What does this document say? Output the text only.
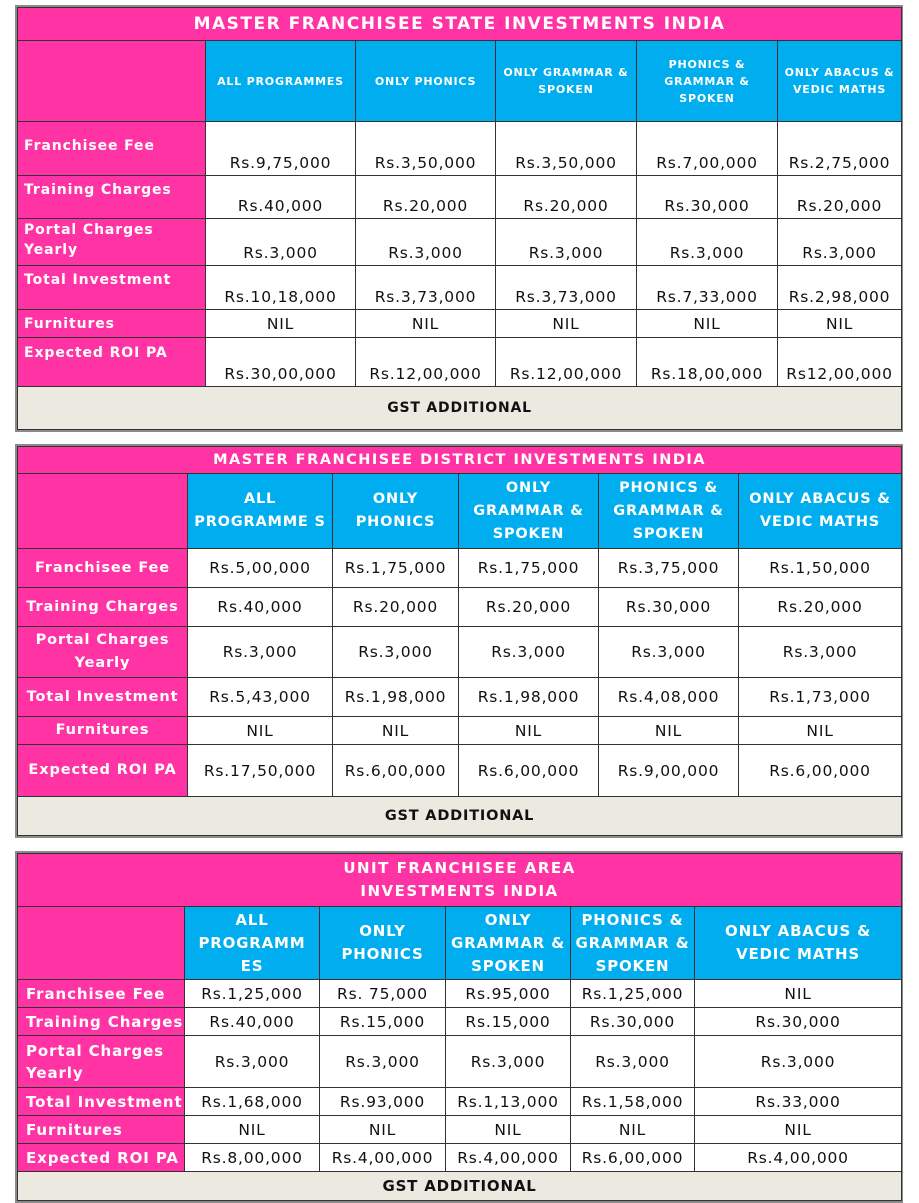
MASTER FRANCHISEE STATE INVESTMENTS INDIA					
	ALL PROGRAMMES	ONLY PHONICS	ONLY GRAMMAR & SPOKEN	PHONICS & GRAMMAR & SPOKEN	ONLY ABACUS & VEDIC MATHS
Franchisee Fee	Rs.9,75,000	Rs.3,50,000	Rs.3,50,000	Rs.7,00,000	Rs.2,75,000
Training Charges	Rs.40,000	Rs.20,000	Rs.20,000	Rs.30,000	Rs.20,000
Portal Charges Yearly	Rs.3,000	Rs.3,000	Rs.3,000	Rs.3,000	Rs.3,000
Total Investment	Rs.10,18,000	Rs.3,73,000	Rs.3,73,000	Rs.7,33,000	Rs.2,98,000
Furnitures	NIL	NIL	NIL	NIL	NIL
Expected ROI PA	Rs.30,00,000	Rs.12,00,000	Rs.12,00,000	Rs.18,00,000	Rs12,00,000
GST ADDITIONAL					
MASTER FRANCHISEE DISTRICT INVESTMENTS INDIA					
	ALL PROGRAMME S	ONLY PHONICS	ONLY GRAMMAR & SPOKEN	PHONICS & GRAMMAR & SPOKEN	ONLY ABACUS & VEDIC MATHS
Franchisee Fee	Rs.5,00,000	Rs.1,75,000	Rs.1,75,000	Rs.3,75,000	Rs.1,50,000
Training Charges	Rs.40,000	Rs.20,000	Rs.20,000	Rs.30,000	Rs.20,000
Portal Charges Yearly	Rs.3,000	Rs.3,000	Rs.3,000	Rs.3,000	Rs.3,000
Total Investment	Rs.5,43,000	Rs.1,98,000	Rs.1,98,000	Rs.4,08,000	Rs.1,73,000
Furnitures	NIL	NIL	NIL	NIL	NIL
Expected ROI PA	Rs.17,50,000	Rs.6,00,000	Rs.6,00,000	Rs.9,00,000	Rs.6,00,000
GST ADDITIONAL					
UNIT FRANCHISEE AREA INVESTMENTS INDIA					

	ALL PROGRAMM ES	ONLY PHONICS	ONLY GRAMMAR & SPOKEN	PHONICS & GRAMMAR & SPOKEN	ONLY ABACUS & VEDIC MATHS
Franchisee Fee	Rs.1,25,000	Rs. 75,000	Rs.95,000	Rs.1,25,000	NIL
Training Charges	Rs.40,000	Rs.15,000	Rs.15,000	Rs.30,000	Rs.30,000
Portal Charges Yearly	Rs.3,000	Rs.3,000	Rs.3,000	Rs.3,000	Rs.3,000
Total Investment	Rs.1,68,000	Rs.93,000	Rs.1,13,000	Rs.1,58,000	Rs.33,000
Furnitures	NIL	NIL	NIL	NIL	NIL
Expected ROI PA	Rs.8,00,000	Rs.4,00,000	Rs.4,00,000	Rs.6,00,000	Rs.4,00,000
GST ADDITIONAL					
